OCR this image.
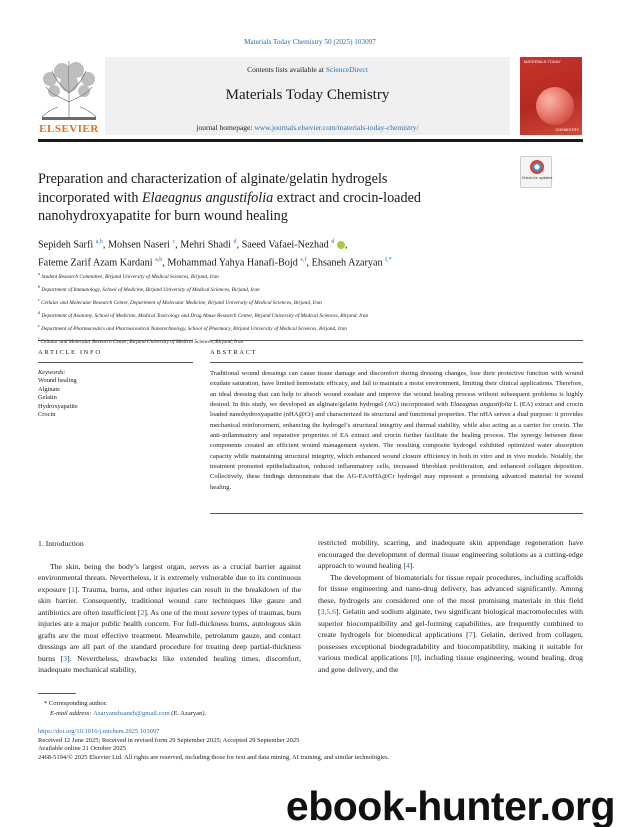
Materials Today Chemistry 50 (2025) 103097
ELSEVIER
Contents lists available at ScienceDirect
Materials Today Chemistry
journal homepage: www.journals.elsevier.com/materials-today-chemistry/
MATERIALS TODAY
CHEMISTRY
Preparation and characterization of alginate/gelatin hydrogels
incorporated with Elaeagnus angustifolia extract and crocin-loaded
nanohydroxyapatite for burn wound healing
Check for updates
Sepideh Sarfi $^{a,b}$, Mohsen Naseri $^c$, Mehri Shadi $^d$, Saeed Vafaei-Nezhad $^d$ ,
Fateme Zarif Azam Kardani $^{a,b}$, Mohammad Yahya Hanafi-Bojd $^{e,f}$, Ehsaneh Azaryan $^{f,*}$
$^a$ Student Research Committee, Birjand University of Medical Sciences, Birjand, Iran
$^b$ Department of Immunology, School of Medicine, Birjand University of Medical Sciences, Birjand, Iran
$^c$ Cellular and Molecular Research Center, Department of Molecular Medicine, Birjand University of Medical Sciences, Birjand, Iran
$^d$ Department of Anatomy, School of Medicine, Medical Toxicology and Drug Abuse Research Center, Birjand University of Medical Sciences, Birjand, Iran
$^e$ Department of Pharmaceutics and Pharmaceutical Nanotechnology, School of Pharmacy, Birjand University of Medical Sciences, Birjand, Iran
$^f$ Cellular and Molecular Research Center, Birjand University of Medical Sciences, Birjand, Iran
ARTICLE INFO	ABSTRACT
Keywords:
Wound healing
Alginate
Gelatin
Hydroxyapatite
Crocin
Traditional wound dressings can cause tissue damage and discomfort during dressing changes, lose their protective function with wound exudate saturation, have limited hemostatic efficacy, and fail to maintain a moist environment, limiting their clinical applications. Therefore, an ideal dressing that can help to absorb wound exudate and improve the wound healing process without subsequent problems is highly desired. In this study, we developed an alginate/gelatin hydrogel (AG) incorporated with Elaeagnus angustifolia L (EA) extract and crocin loaded nanohydroxyapatite (nHA@Cr) and characterized its structural and functional properties. The nHA serves a dual purpose: it provides mechanical reinforcement, enhancing the hydrogel’s structural integrity and thermal stability, while also acting as a carrier for crocin. The anti-inflammatory and reparative properties of EA extract and crocin further facilitate the healing process. The synergy between these components created an efficient wound management system. The resulting composite hydrogel exhibited optimized water absorption capacity while maintaining structural integrity, which enhanced wound closure efficiency in both in vitro and in vivo models. Notably, the treatment promoted epithelialization, reduced inflammatory cells, increased fibroblast proliferation, and enhanced collagen deposition. Collectively, these findings demonstrate that the AG-EA/nHA@Cr hydrogel may represent a promising advanced material for wound healing.
1. Introduction

The skin, being the body’s largest organ, serves as a crucial barrier against environmental threats. Nevertheless, it is extremely vulnerable due to its continuous exposure [1]. Trauma, burns, and other injuries can result in the breakdown of the skin barrier. Consequently, traditional wound care techniques like gauze and antibiotics are often insufficient [2]. As one of the most severe types of traumas, burn injuries are a major public health concern. For full-thickness burns, autologous skin grafts are the most effective treatment. Meanwhile, petrolatum gauze, and contact dressings are all part of the standard procedure for treating deep partial-thickness burns [3]. Nevertheless, drawbacks like extended healing times, discomfort, inadequate mechanical stability,

restricted mobility, scarring, and inadequate skin appendage regeneration have encouraged the development of dermal tissue engineering solutions as a cutting-edge approach to wound healing [4].

The development of biomaterials for tissue repair procedures, including scaffolds for tissue engineering and nano-drug delivery, has advanced significantly. Among these, hydrogels are considered one of the most promising materials in this field [3,5,6]. Gelatin and sodium alginate, two significant biological macromolecules with superior biocompatibility and gel-forming capabilities, are frequently combined to create hydrogels for biomedical applications [7]. Gelatin, derived from collagen, possesses exceptional biodegradability and biocompatibility, making it suitable for various medical applications [8], including tissue engineering, wound healing, drug and gene delivery, and the

* Corresponding author.
E-mail address: Azaryanehsaneh@gmail.com (E. Azaryan).
https://doi.org/10.1016/j.mtchem.2025.103097
Received 12 June 2025; Received in revised form 29 September 2025; Accepted 29 September 2025
Available online 21 October 2025
2468-5194/© 2025 Elsevier Ltd. All rights are reserved, including those for text and data mining, AI training, and similar technologies.
ebook-hunter.org
